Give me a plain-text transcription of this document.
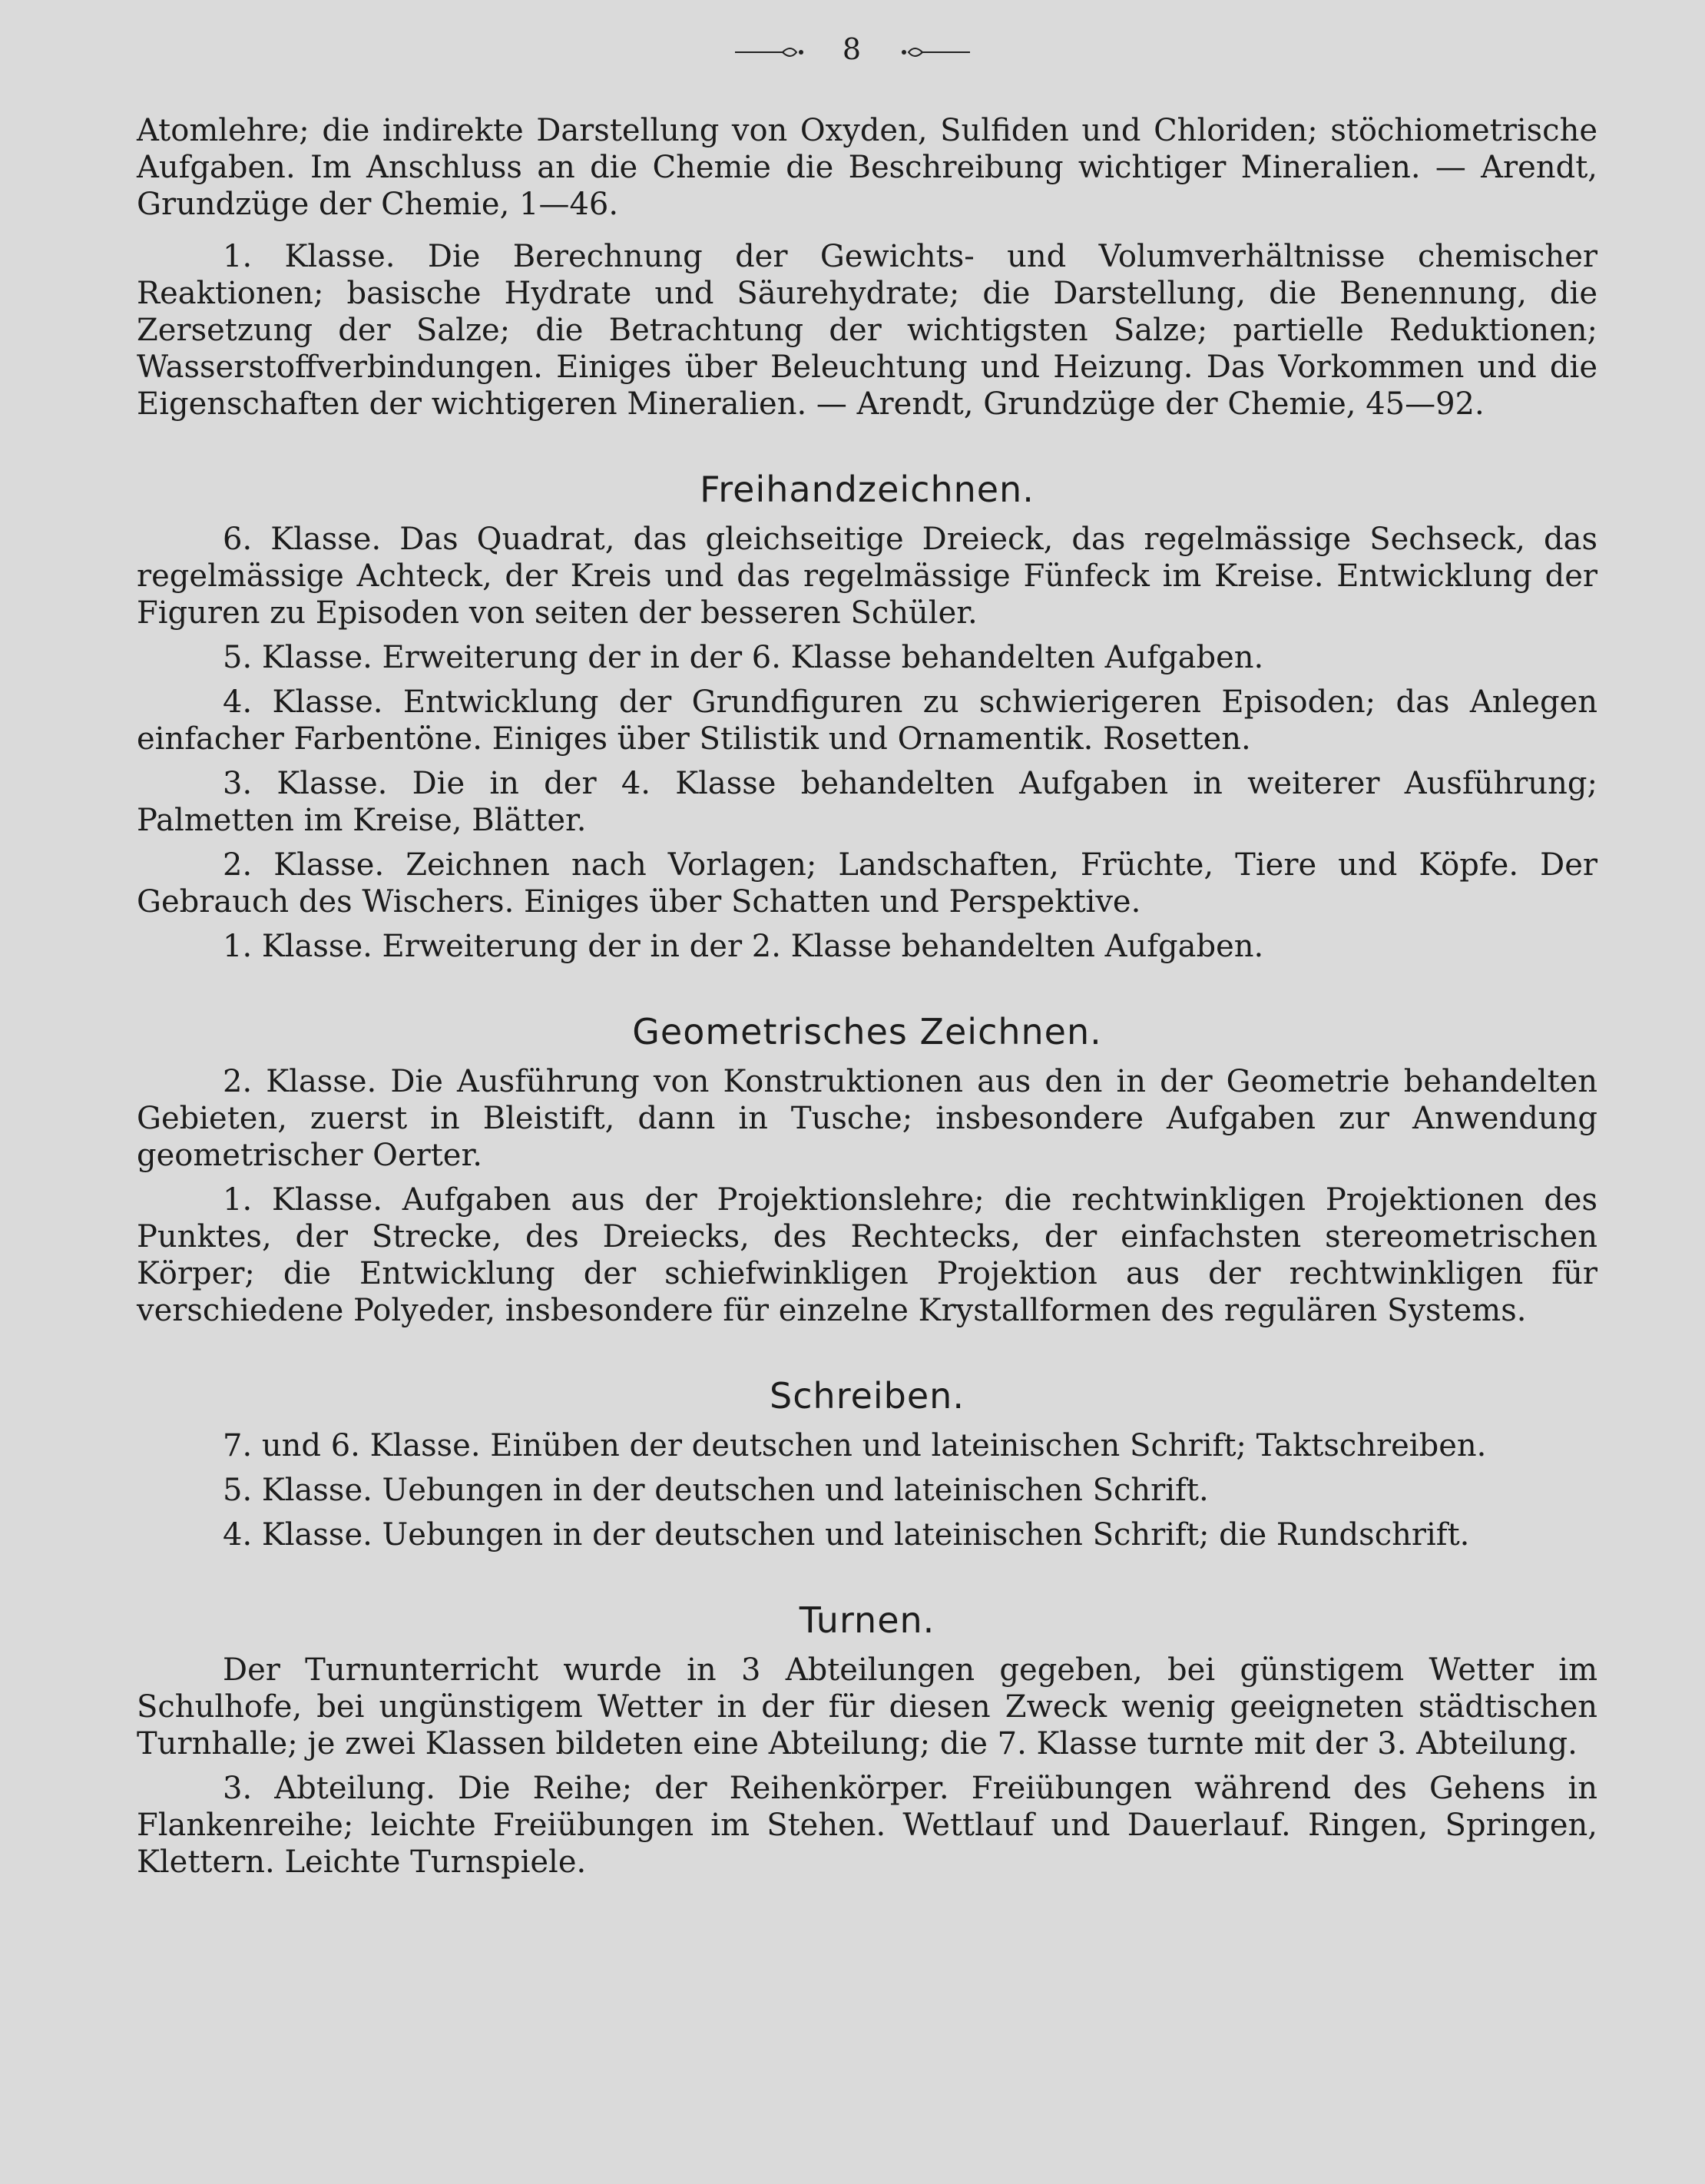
8

Atomlehre; die indirekte Darstellung von Oxyden, Sulfiden und Chloriden; stöchiometrische Aufgaben. Im Anschluss an die Chemie die Beschreibung wichtiger Mineralien. — Arendt, Grundzüge der Chemie, 1—46.

1. Klasse. Die Berechnung der Gewichts- und Volumverhältnisse chemischer Reaktionen; basische Hydrate und Säurehydrate; die Darstellung, die Benennung, die Zersetzung der Salze; die Betrachtung der wichtigsten Salze; partielle Reduktionen; Wasserstoffverbindungen. Einiges über Beleuchtung und Heizung. Das Vorkommen und die Eigenschaften der wichtigeren Mineralien. — Arendt, Grundzüge der Chemie, 45—92.

Freihandzeichnen.

6. Klasse. Das Quadrat, das gleichseitige Dreieck, das regelmässige Sechseck, das regelmässige Achteck, der Kreis und das regelmässige Fünfeck im Kreise. Entwicklung der Figuren zu Episoden von seiten der besseren Schüler.

5. Klasse. Erweiterung der in der 6. Klasse behandelten Aufgaben.

4. Klasse. Entwicklung der Grundfiguren zu schwierigeren Episoden; das Anlegen einfacher Farbentöne. Einiges über Stilistik und Ornamentik. Rosetten.

3. Klasse. Die in der 4. Klasse behandelten Aufgaben in weiterer Ausführung; Palmetten im Kreise, Blätter.

2. Klasse. Zeichnen nach Vorlagen; Landschaften, Früchte, Tiere und Köpfe. Der Gebrauch des Wischers. Einiges über Schatten und Perspektive.

1. Klasse. Erweiterung der in der 2. Klasse behandelten Aufgaben.

Geometrisches Zeichnen.

2. Klasse. Die Ausführung von Konstruktionen aus den in der Geometrie behandelten Gebieten, zuerst in Bleistift, dann in Tusche; insbesondere Aufgaben zur Anwendung geometrischer Oerter.

1. Klasse. Aufgaben aus der Projektionslehre; die rechtwinkligen Projektionen des Punktes, der Strecke, des Dreiecks, des Rechtecks, der einfachsten stereometrischen Körper; die Entwicklung der schiefwinkligen Projektion aus der rechtwinkligen für verschiedene Polyeder, insbesondere für einzelne Krystallformen des regulären Systems.

Schreiben.

7. und 6. Klasse. Einüben der deutschen und lateinischen Schrift; Taktschreiben.

5. Klasse. Uebungen in der deutschen und lateinischen Schrift.

4. Klasse. Uebungen in der deutschen und lateinischen Schrift; die Rundschrift.

Turnen.

Der Turnunterricht wurde in 3 Abteilungen gegeben, bei günstigem Wetter im Schulhofe, bei ungünstigem Wetter in der für diesen Zweck wenig geeigneten städtischen Turnhalle; je zwei Klassen bildeten eine Abteilung; die 7. Klasse turnte mit der 3. Abteilung.

3. Abteilung. Die Reihe; der Reihenkörper. Freiübungen während des Gehens in Flankenreihe; leichte Freiübungen im Stehen. Wettlauf und Dauerlauf. Ringen, Springen, Klettern. Leichte Turnspiele.
